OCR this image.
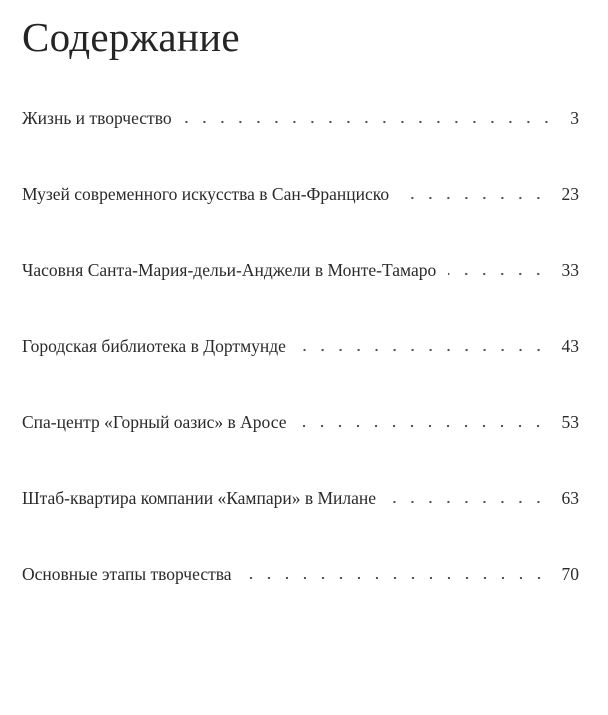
Содержание
Жизнь и творчество	3
Музей современного искусства в Сан-Франциско	23
Часовня Санта-Мария-дельи-Анджели в Монте-Тамаро	33
Городская библиотека в Дортмунде	43
Спа-центр «Горный оазис» в Аросе	53
Штаб-квартира компании «Кампари» в Милане	63
Основные этапы творчества	70
